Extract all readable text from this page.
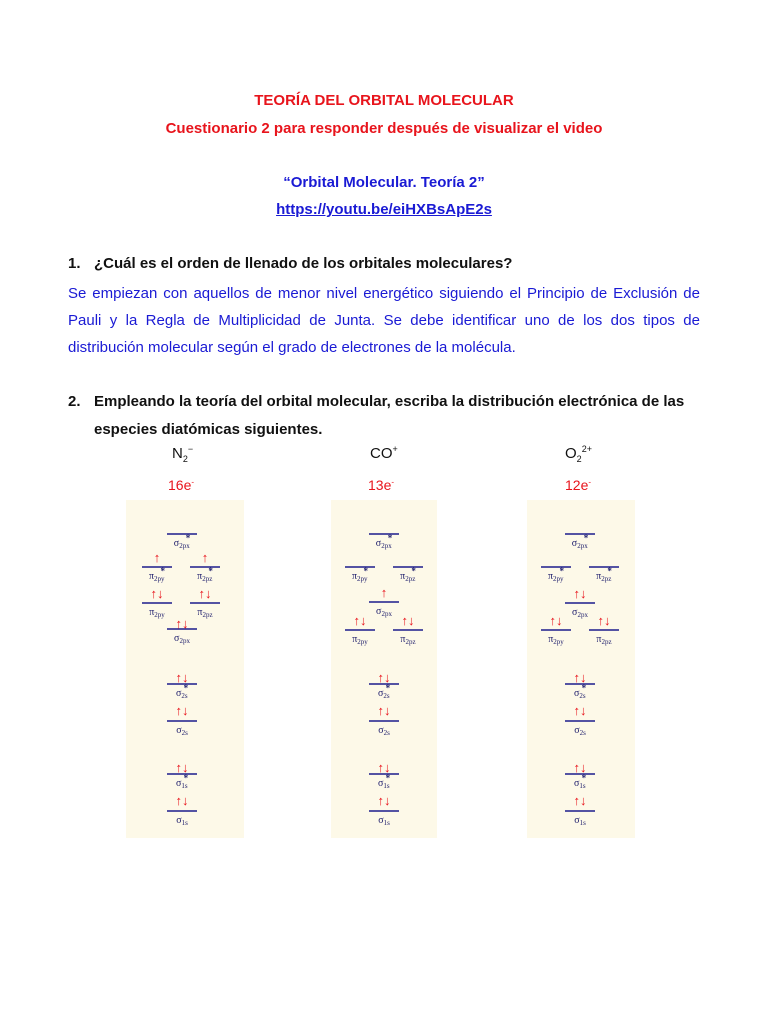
TEORÍA DEL ORBITAL MOLECULAR
Cuestionario 2 para responder después de visualizar el video
“Orbital Molecular. Teoría 2”
https://youtu.be/eiHXBsApE2s
1. ¿Cuál es el orden de llenado de los orbitales moleculares?
Se empiezan con aquellos de menor nivel energético siguiendo el Principio de Exclusión de Pauli y la Regla de Multiplicidad de Junta. Se debe identificar uno de los dos tipos de distribución molecular según el grado de electrones de la molécula.
2. Empleando la teoría del orbital molecular, escriba la distribución electrónica de las
especies diatómicas siguientes.
$N_2^-$	CO+	$O_2^{2+}$
16e-	13e-	12e-
$\sigma_{2px}*$
$\pi_{2py}*$
↑
$\pi_{2pz}*$
↑
$\pi_{2py}$
↑↓
$\pi_{2pz}$
↑↓
$\sigma_{2px}$
↑↓
$\sigma_{2s}*$
↑↓
$\sigma_{2s}$
↑↓
$\sigma_{1s}*$
↑↓
$\sigma_{1s}$
↑↓
$\sigma_{2px}*$
$\pi_{2py}*$	$\pi_{2pz}*$
$\sigma_{2px}$
↑
$\pi_{2py}$
↑↓
$\pi_{2pz}$
↑↓
$\sigma_{2s}*$
↑↓
$\sigma_{2s}$
↑↓
$\sigma_{1s}*$
↑↓
$\sigma_{1s}$
↑↓
$\sigma_{2px}*$
$\pi_{2py}*$	$\pi_{2pz}*$
$\sigma_{2px}$
↑↓
$\pi_{2py}$
↑↓
$\pi_{2pz}$
↑↓
$\sigma_{2s}*$
↑↓
$\sigma_{2s}$
↑↓
$\sigma_{1s}*$
↑↓
$\sigma_{1s}$
↑↓
